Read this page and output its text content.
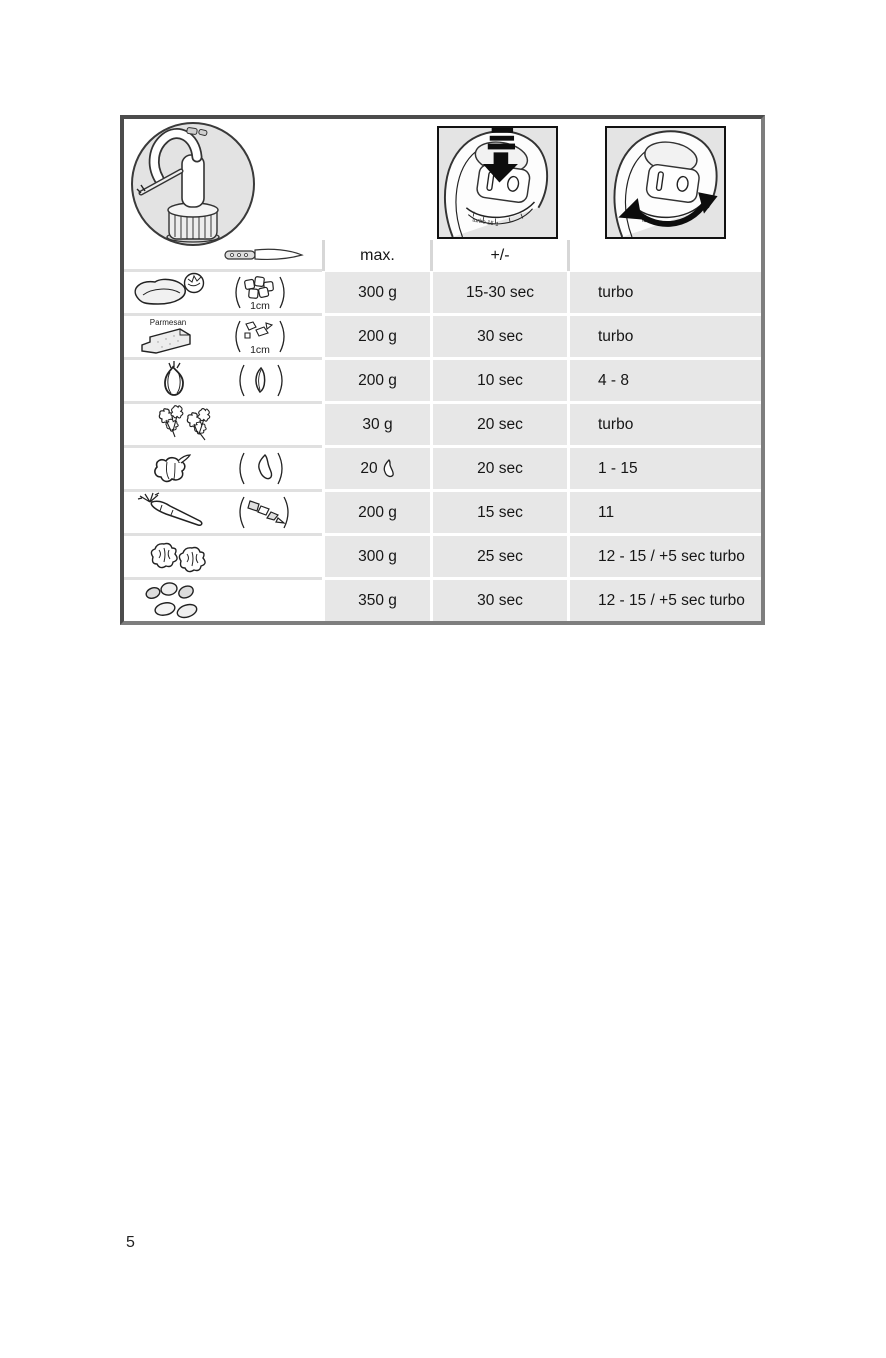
turbo 15·1	turbo 15·1
max.	+/-
1cm
300 g	15-30 sec	turbo
Parmesan
1cm
200 g	30 sec	turbo
200 g	10 sec	4 - 8
30 g	20 sec	turbo
20	20 sec	1 - 15
200 g	15 sec	11
300 g	25 sec	12 - 15 / +5 sec turbo
350 g	30 sec	12 - 15 / +5 sec turbo
5
